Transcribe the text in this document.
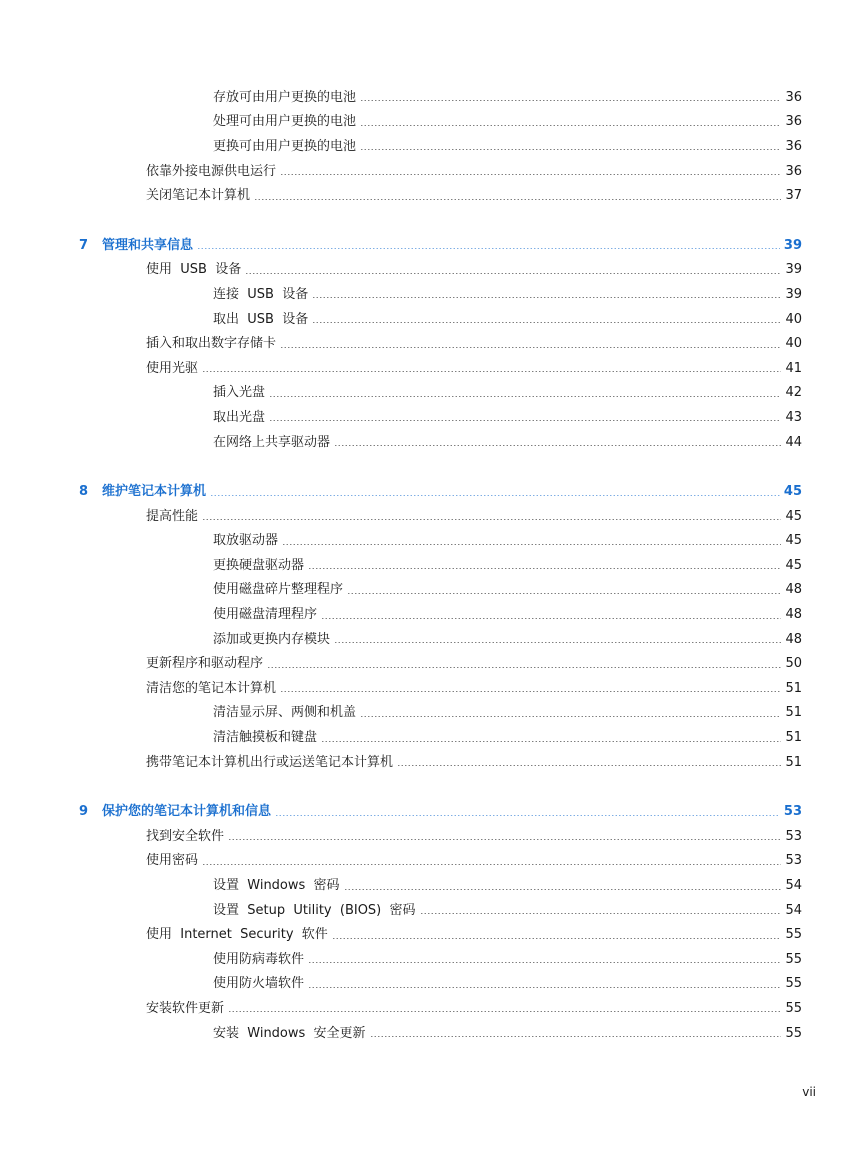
存放可由用户更换的电池	36
处理可由用户更换的电池	36
更换可由用户更换的电池	36
依靠外接电源供电运行	36
关闭笔记本计算机	37
7	管理和共享信息	39
使用  USB  设备	39
连接  USB  设备	39
取出  USB  设备	40
插入和取出数字存储卡	40
使用光驱	41
插入光盘	42
取出光盘	43
在网络上共享驱动器	44
8	维护笔记本计算机	45
提高性能	45
取放驱动器	45
更换硬盘驱动器	45
使用磁盘碎片整理程序	48
使用磁盘清理程序	48
添加或更换内存模块	48
更新程序和驱动程序	50
清洁您的笔记本计算机	51
清洁显示屏、两侧和机盖	51
清洁触摸板和键盘	51
携带笔记本计算机出行或运送笔记本计算机	51
9	保护您的笔记本计算机和信息	53
找到安全软件	53
使用密码	53
设置  Windows  密码	54
设置  Setup  Utility  (BIOS)  密码	54
使用  Internet  Security  软件	55
使用防病毒软件	55
使用防火墙软件	55
安装软件更新	55
安装  Windows  安全更新	55
vii
